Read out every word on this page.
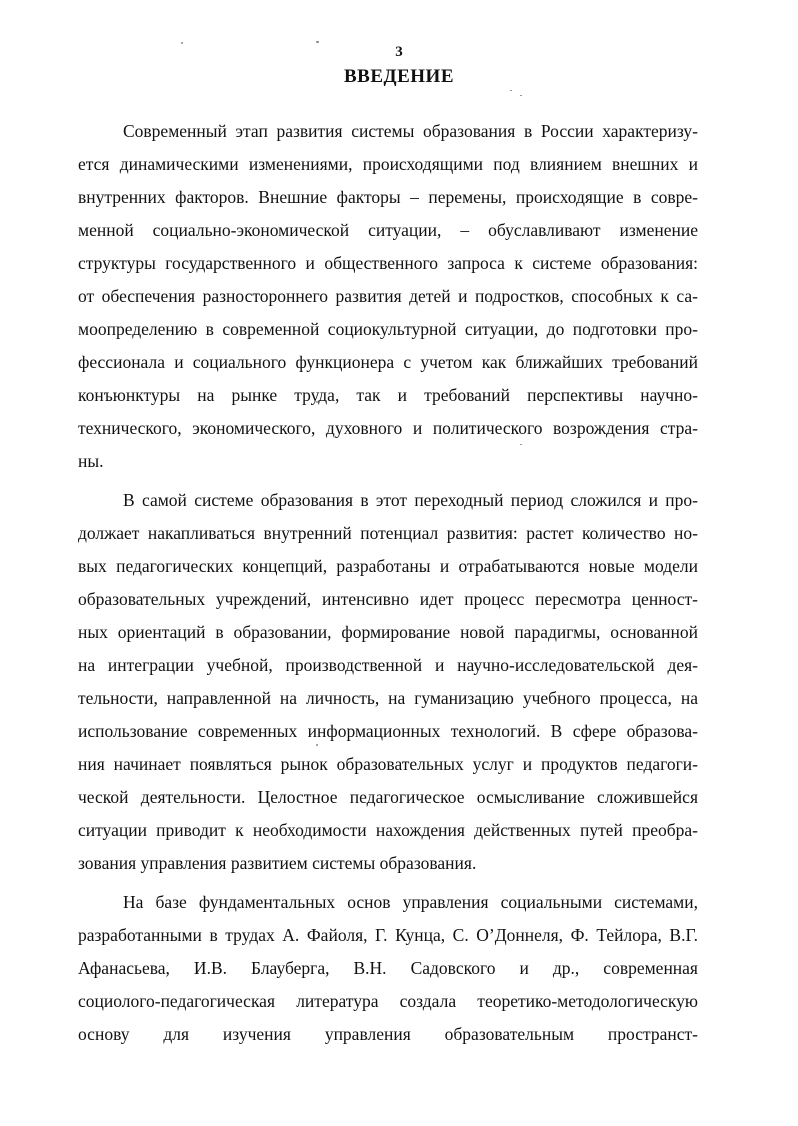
3
ВВЕДЕНИЕ
Современный этап развития системы образования в России характеризу-
ется динамическими изменениями, происходящими под влиянием внешних и
внутренних факторов. Внешние факторы – перемены, происходящие в совре-
менной социально-экономической ситуации, – обуславливают изменение
структуры государственного и общественного запроса к системе образования:
от обеспечения разностороннего развития детей и подростков, способных к са-
моопределению в современной социокультурной ситуации, до подготовки про-
фессионала и социального функционера с учетом как ближайших требований
конъюнктуры на рынке труда, так и требований перспективы научно-
технического, экономического, духовного и политического возрождения стра-
ны.
В самой системе образования в этот переходный период сложился и про-
должает накапливаться внутренний потенциал развития: растет количество но-
вых педагогических концепций, разработаны и отрабатываются новые модели
образовательных учреждений, интенсивно идет процесс пересмотра ценност-
ных ориентаций в образовании, формирование новой парадигмы, основанной
на интеграции учебной, производственной и научно-исследовательской дея-
тельности, направленной на личность, на гуманизацию учебного процесса, на
использование современных информационных технологий. В сфере образова-
ния начинает появляться рынок образовательных услуг и продуктов педагоги-
ческой деятельности. Целостное педагогическое осмысливание сложившейся
ситуации приводит к необходимости нахождения действенных путей преобра-
зования управления развитием системы образования.
На базе фундаментальных основ управления социальными системами,
разработанными в трудах А. Файоля, Г. Кунца, С. О’Доннеля, Ф. Тейлора, В.Г.
Афанасьева, И.В. Блауберга, В.Н. Садовского и др., современная
социолого-педагогическая литература создала теоретико-методологическую
основу для изучения управления образовательным пространст-
